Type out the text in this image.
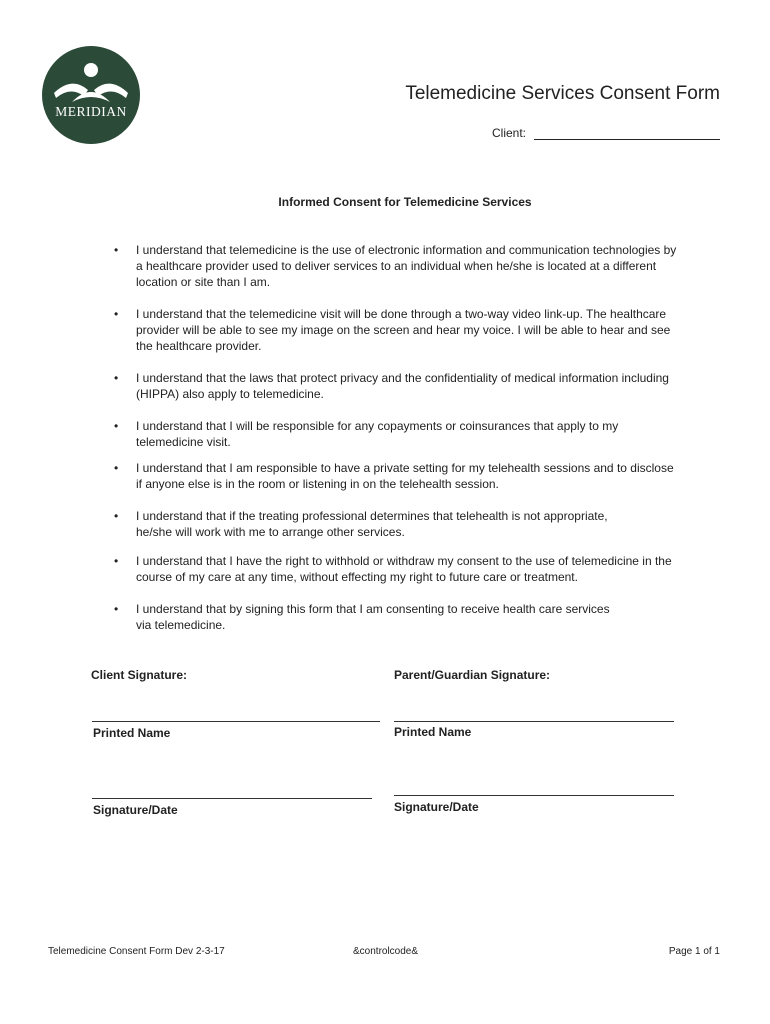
MERIDIAN
Telemedicine Services Consent Form
Client:
Informed Consent for Telemedicine Services
• I understand that telemedicine is the use of electronic information and communication technologies by a healthcare provider used to deliver services to an individual when he/she is located at a different location or site than I am.
• I understand that the telemedicine visit will be done through a two-way video link-up. The healthcare provider will be able to see my image on the screen and hear my voice. I will be able to hear and see the healthcare provider.
• I understand that the laws that protect privacy and the confidentiality of medical information including (HIPPA) also apply to telemedicine.
• I understand that I will be responsible for any copayments or coinsurances that apply to my telemedicine visit.
• I understand that I am responsible to have a private setting for my telehealth sessions and to disclose if anyone else is in the room or listening in on the telehealth session.
• I understand that if the treating professional determines that telehealth is not appropriate, he/she will work with me to arrange other services.
• I understand that I have the right to withhold or withdraw my consent to the use of telemedicine in the course of my care at any time, without effecting my right to future care or treatment.
• I understand that by signing this form that I am consenting to receive health care services via telemedicine.
Client Signature:	Parent/Guardian Signature:
Printed Name	Printed Name
Signature/Date	Signature/Date
Telemedicine Consent Form Dev 2-3-17	&controlcode&	Page 1 of 1
